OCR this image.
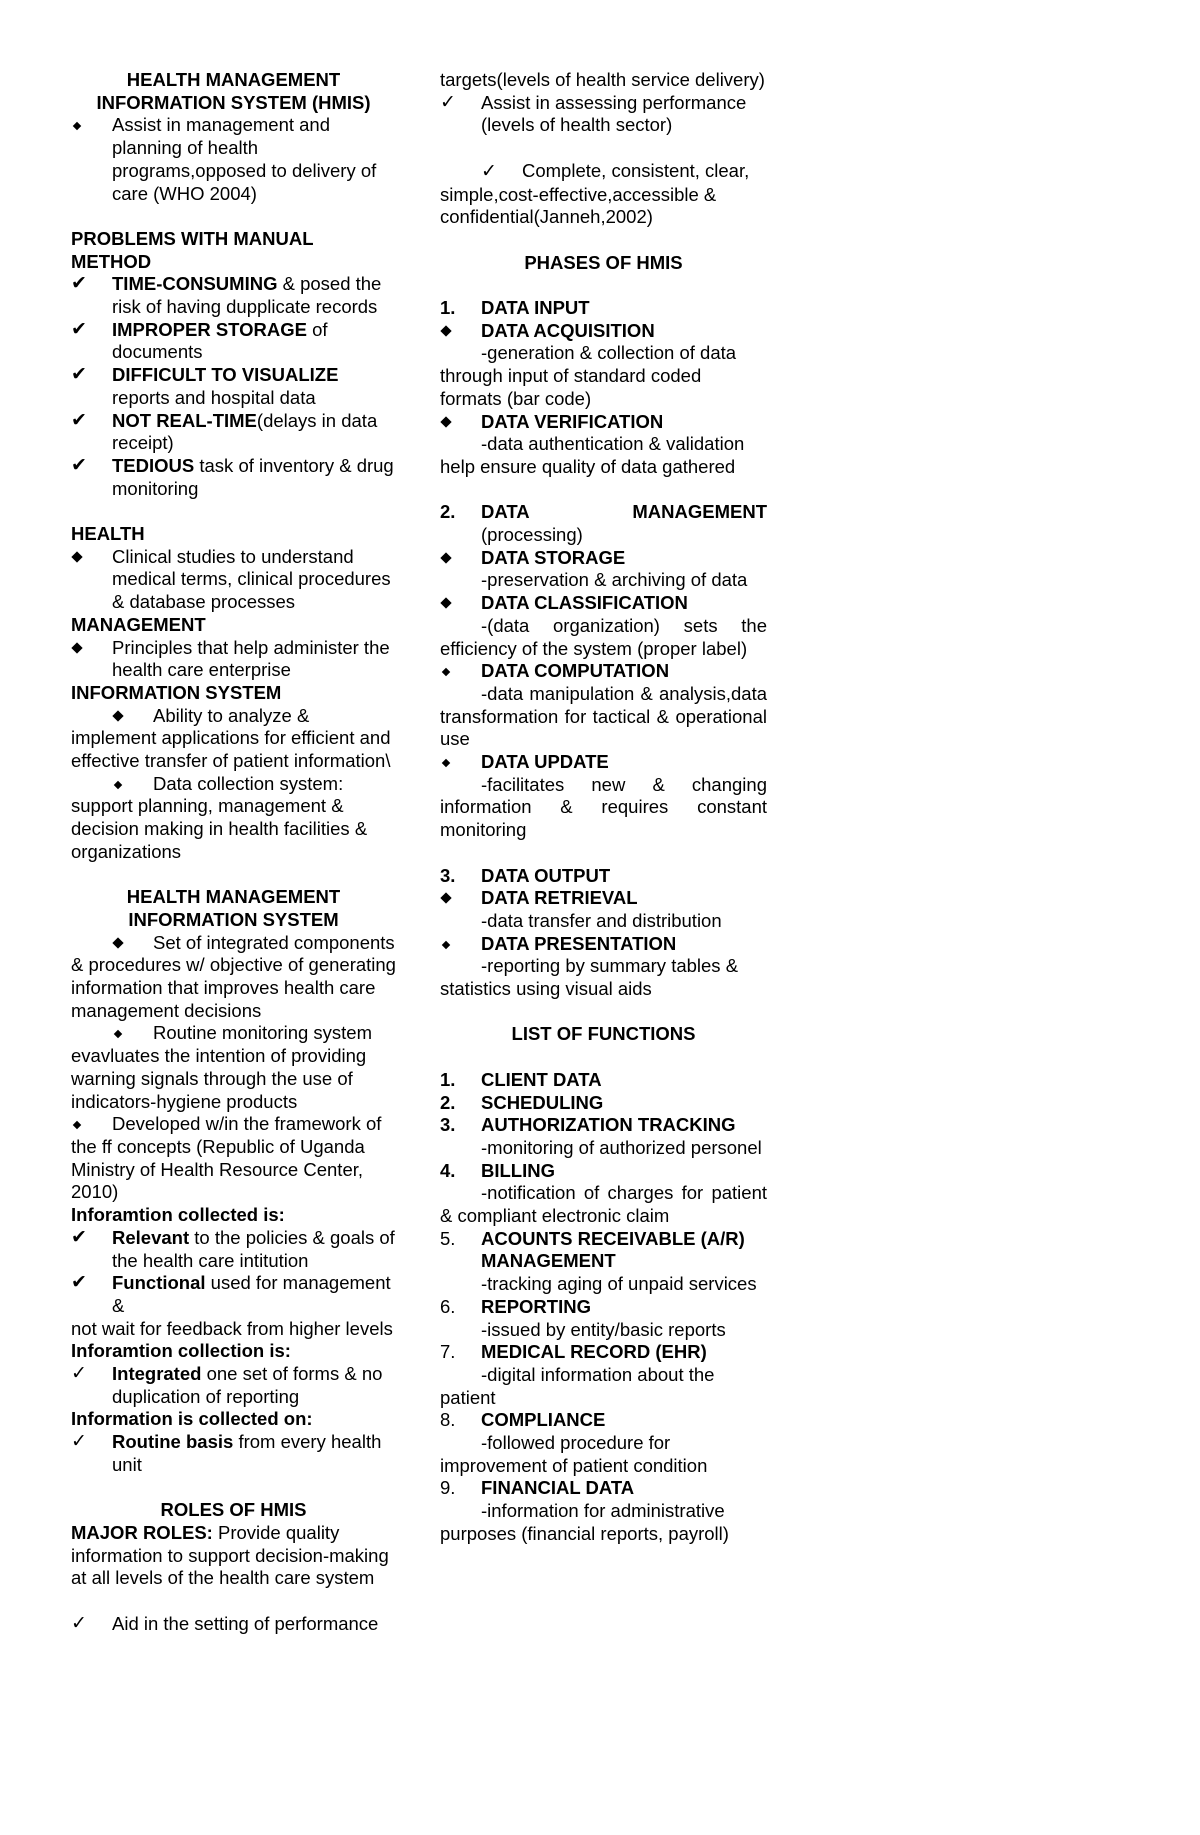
HEALTH MANAGEMENT INFORMATION SYSTEM (HMIS)
Assist in management and planning of health programs,opposed to delivery of care (WHO 2004)
PROBLEMS WITH MANUAL
METHOD
✔	TIME-CONSUMING & posed the risk of having dupplicate records
✔	IMPROPER STORAGE of documents
✔	DIFFICULT TO VISUALIZE reports and hospital data
✔	NOT REAL-TIME(delays in data receipt)
✔	TEDIOUS task of inventory & drug monitoring
HEALTH
Clinical studies to understand medical terms, clinical procedures & database processes
MANAGEMENT
Principles that help administer the health care enterprise
INFORMATION SYSTEM
Ability to analyze & implement applications for efficient and effective transfer of patient information\
Data collection system: support planning, management & decision making in health facilities & organizations
HEALTH MANAGEMENT
INFORMATION SYSTEM
Set of integrated components & procedures w/ objective of generating information that improves health care management decisions
Routine monitoring system evavluates the intention of providing warning signals through the use of indicators-hygiene products
Developed w/in the framework of
the ff concepts (Republic of Uganda Ministry of Health Resource Center, 2010)
Inforamtion collected is:
✔	Relevant to the policies & goals of the health care intitution
✔	Functional used for management &
not wait for feedback from higher levels
Inforamtion collection is:
✓	Integrated one set of forms & no duplication of reporting
Information is collected on:
✓	Routine basis from every health unit
ROLES OF HMIS
MAJOR ROLES: Provide quality information to support decision-making at all levels of the health care system
✓	Aid in the setting of performance
targets(levels of health service delivery)
✓	Assist in assessing performance (levels of health sector)
✓ Complete, consistent, clear, simple,cost-effective,accessible & confidential(Janneh,2002)
PHASES OF HMIS
1.	DATA INPUT
DATA ACQUISITION
-generation & collection of data through input of standard coded formats (bar code)
DATA VERIFICATION
-data authentication & validation help ensure quality of data gathered
2.	DATA	MANAGEMENT
(processing)
DATA STORAGE
-preservation & archiving of data
DATA CLASSIFICATION
-(data organization) sets the efficiency of the system (proper label)
DATA COMPUTATION
-data manipulation & analysis,data transformation for tactical & operational use
DATA UPDATE
-facilitates new & changing information & requires constant monitoring
3.	DATA OUTPUT
DATA RETRIEVAL
-data transfer and distribution
DATA PRESENTATION
-reporting by summary tables & statistics using visual aids
LIST OF FUNCTIONS
1.	CLIENT DATA
2.	SCHEDULING
3.	AUTHORIZATION TRACKING
-monitoring of authorized personel
4.	BILLING
-notification of charges for patient & compliant electronic claim
5.	ACOUNTS RECEIVABLE (A/R) MANAGEMENT
-tracking aging of unpaid services
6.	REPORTING
-issued by entity/basic reports
7.	MEDICAL RECORD (EHR)
-digital information about the patient
8.	COMPLIANCE
-followed procedure for improvement of patient condition
9.	FINANCIAL DATA
-information for administrative purposes (financial reports, payroll)
